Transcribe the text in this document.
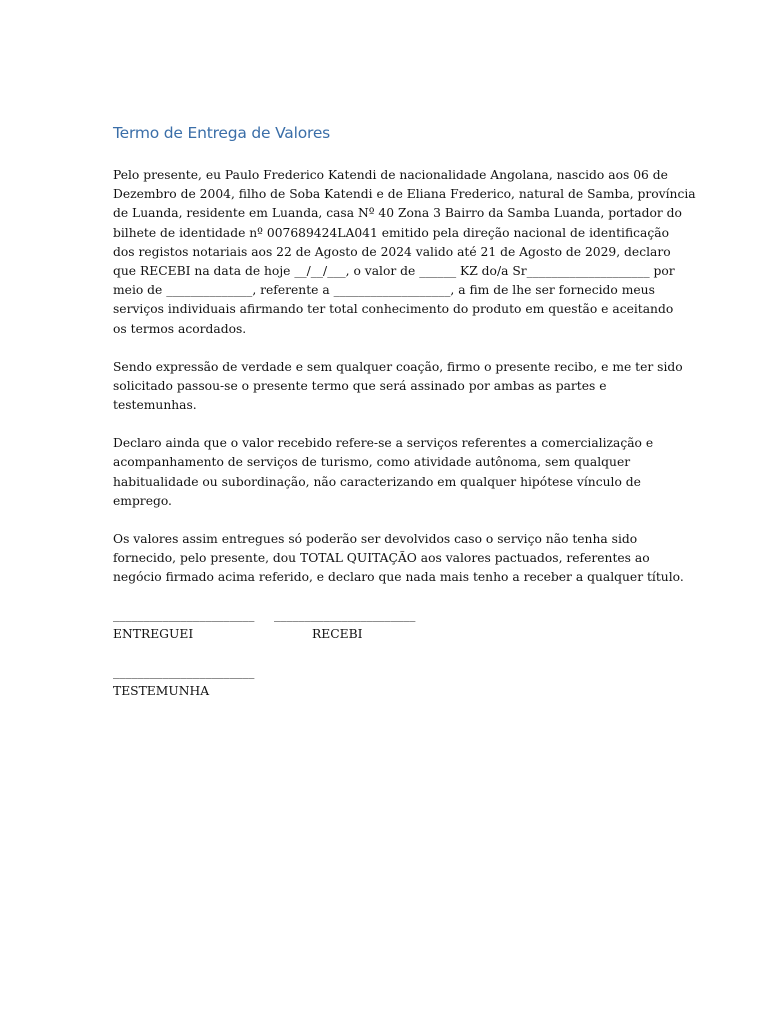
Termo de Entrega de Valores

Pelo presente, eu Paulo Frederico Katendi de nacionalidade Angolana, nascido aos 06 de
Dezembro de 2004, filho de Soba Katendi e de Eliana Frederico, natural de Samba, província
de Luanda, residente em Luanda, casa Nº 40 Zona 3 Bairro da Samba Luanda, portador do
bilhete de identidade nº 007689424LA041 emitido pela direção nacional de identificação
dos registos notariais aos 22 de Agosto de 2024 valido até 21 de Agosto de 2029, declaro
que RECEBI na data de hoje __/__/___, o valor de ______ KZ do/a Sr____________________ por
meio de ______________, referente a ___________________, a fim de lhe ser fornecido meus
serviços individuais afirmando ter total conhecimento do produto em questão e aceitando
os termos acordados.

Sendo expressão de verdade e sem qualquer coação, firmo o presente recibo, e me ter sido
solicitado passou-se o presente termo que será assinado por ambas as partes e
testemunhas.

Declaro ainda que o valor recebido refere-se a serviços referentes a comercialização e
acompanhamento de serviços de turismo, como atividade autônoma, sem qualquer
habitualidade ou subordinação, não caracterizando em qualquer hipótese vínculo de
emprego.

Os valores assim entregues só poderão ser devolvidos caso o serviço não tenha sido
fornecido, pelo presente, dou TOTAL QUITAÇÃO aos valores pactuados, referentes ao
negócio firmado acima referido, e declaro que nada mais tenho a receber a qualquer título.

_______________________ _______________________
ENTREGUEI	RECEBI
_______________________
TESTEMUNHA
